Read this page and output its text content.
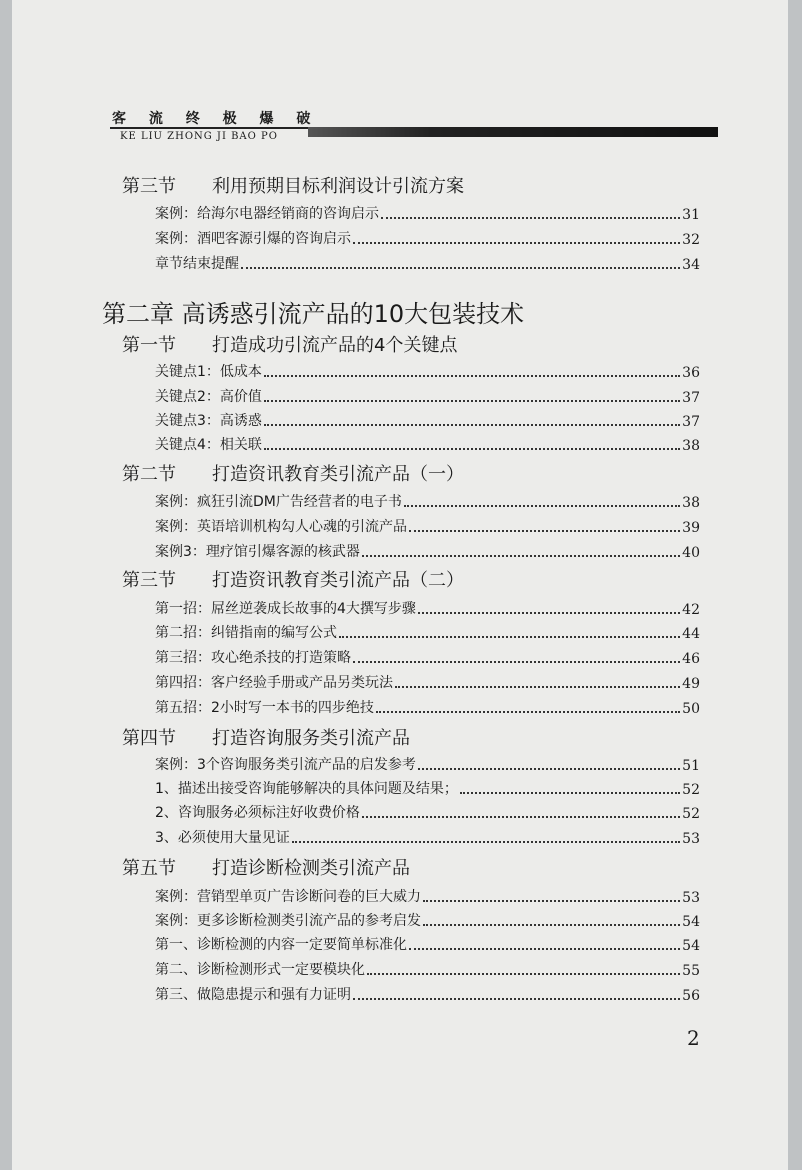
客 流 终 极 爆 破
KE LIU ZHONG JI BAO PO
第三节 利用预期目标利润设计引流方案
案例：给海尔电器经销商的咨询启示	31
案例：酒吧客源引爆的咨询启示	32
章节结束提醒	34
第二章 高诱惑引流产品的10大包装技术
第一节 打造成功引流产品的4个关键点
关键点1：低成本	36
关键点2：高价值	37
关键点3：高诱惑	37
关键点4：相关联	38
第二节 打造资讯教育类引流产品（一）
案例：疯狂引流DM广告经营者的电子书	38
案例：英语培训机构勾人心魂的引流产品	39
案例3：理疗馆引爆客源的核武器	40
第三节 打造资讯教育类引流产品（二）
第一招：屌丝逆袭成长故事的4大撰写步骤	42
第二招：纠错指南的编写公式	44
第三招：攻心绝杀技的打造策略	46
第四招：客户经验手册或产品另类玩法	49
第五招：2小时写一本书的四步绝技	50
第四节 打造咨询服务类引流产品
案例：3个咨询服务类引流产品的启发参考	51
1、描述出接受咨询能够解决的具体问题及结果；	52
2、咨询服务必须标注好收费价格	52
3、必须使用大量见证	53
第五节 打造诊断检测类引流产品
案例：营销型单页广告诊断问卷的巨大威力	53
案例：更多诊断检测类引流产品的参考启发	54
第一、诊断检测的内容一定要简单标准化	54
第二、诊断检测形式一定要模块化	55
第三、做隐患提示和强有力证明	56
2
